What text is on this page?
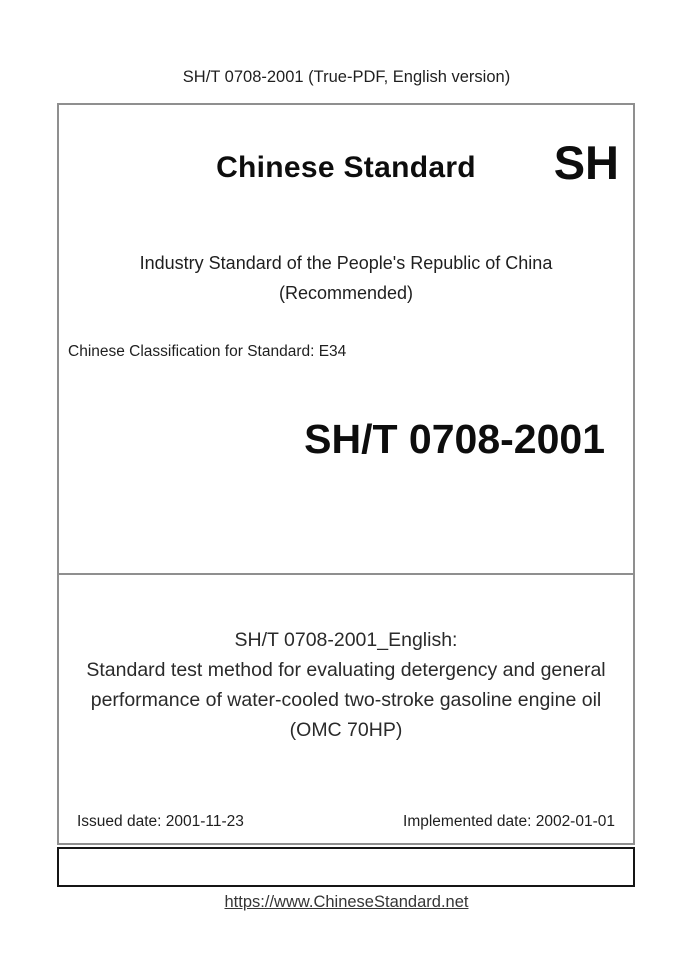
SH/T 0708-2001 (True-PDF, English version)
Chinese Standard SH
Industry Standard of the People's Republic of China
(Recommended)
Chinese Classification for Standard: E34
SH/T 0708-2001
SH/T 0708-2001_English:
Standard test method for evaluating detergency and general
performance of water-cooled two-stroke gasoline engine oil
(OMC 70HP)
Issued date: 2001-11-23	Implemented date: 2002-01-01
https://www.ChineseStandard.net
